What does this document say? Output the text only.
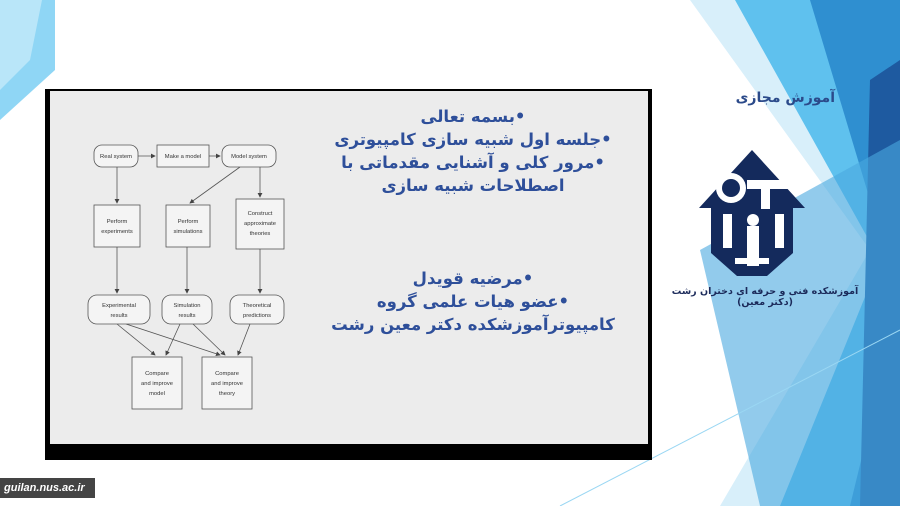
Real system	Make a model	Model system
Perform
experiments
Perform
simulations
Construct
approximate
theories
Experimental
results
Simulation
results
Theoretical
predictions
Compare
and improve
model
Compare
and improve
theory
•بسمه تعالی
•جلسه اول شبیه سازی کامپیوتری
•مرور کلی و آشنایی مقدماتی با اصطلاحات شبیه سازی
•مرضیه قویدل
•عضو هیات علمی گروه کامپیوترآموزشکده دکتر معین رشت
آموزش مجازی
آموزشکده فنی و حرفه ای دختران رشت (دکتر معین)
guilan.nus.ac.ir
